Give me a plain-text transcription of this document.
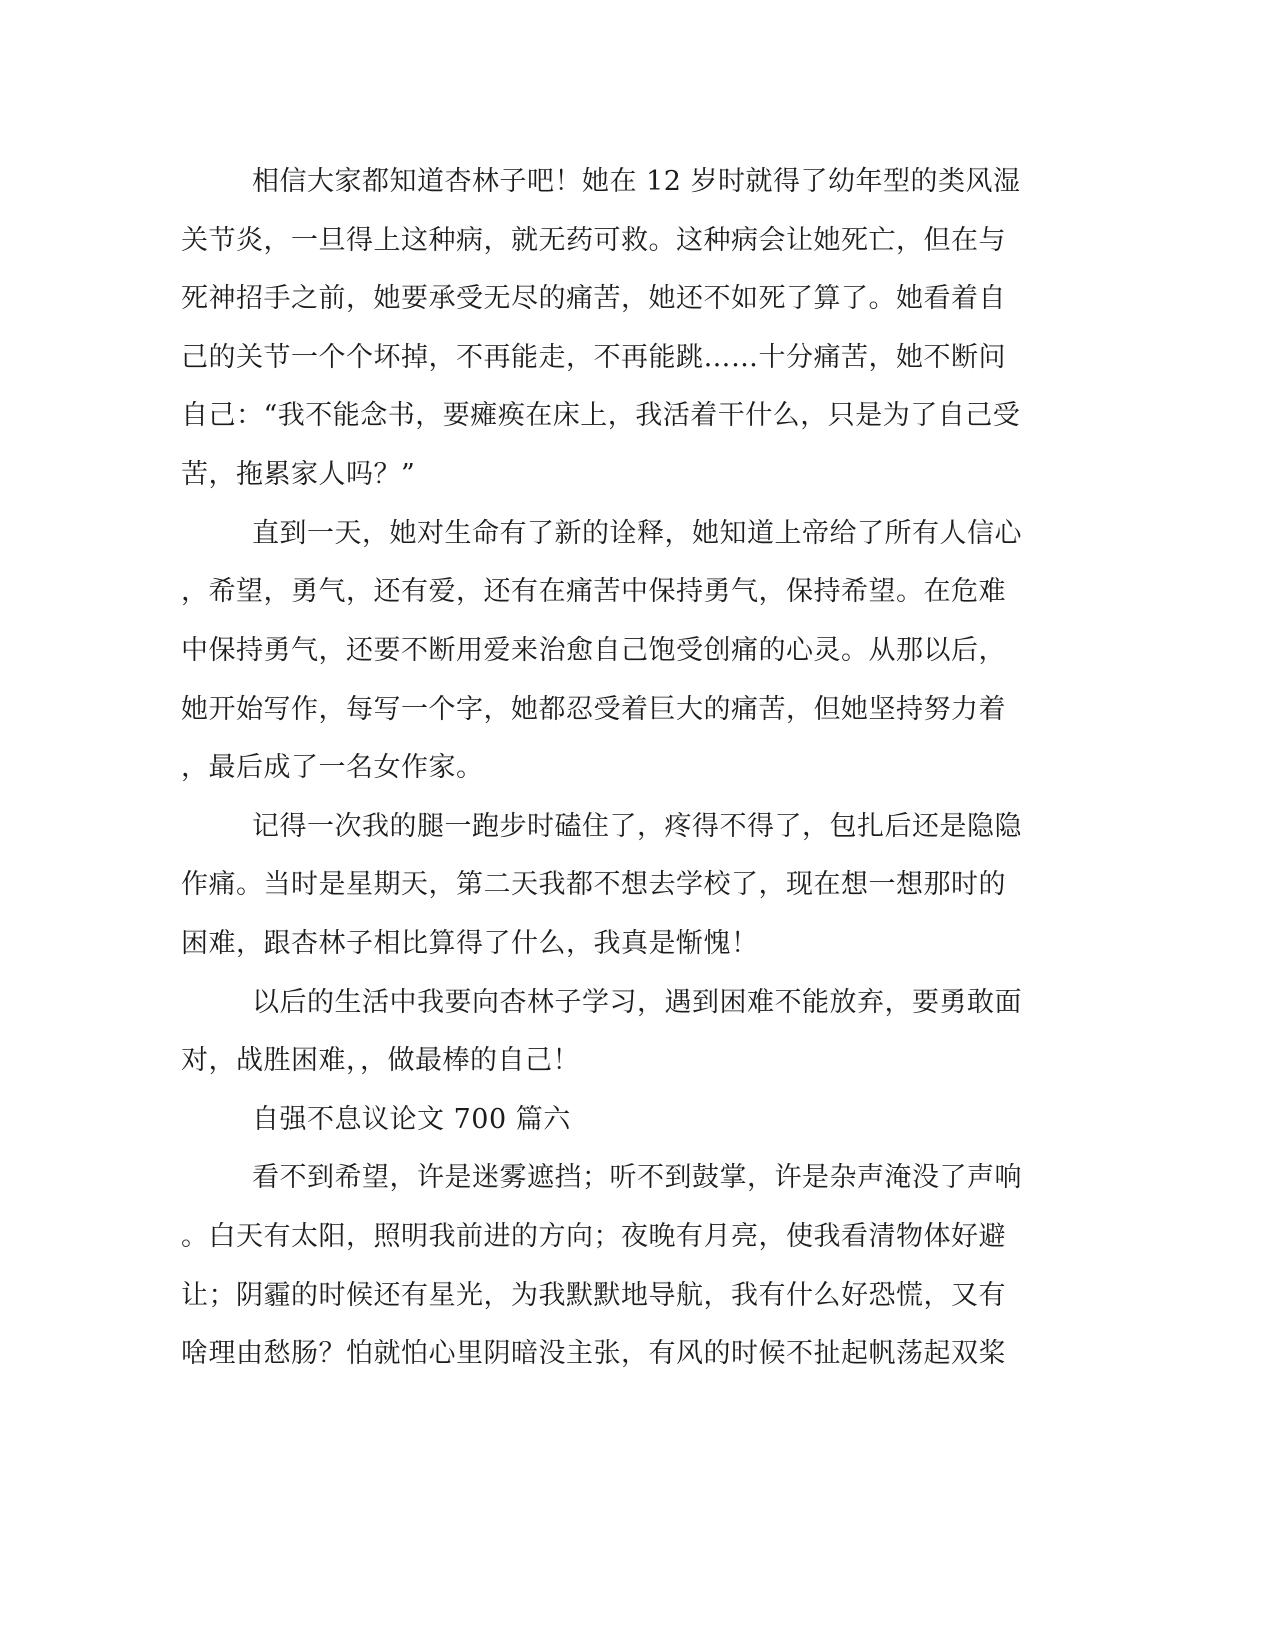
相信大家都知道杏林子吧！她在 12 岁时就得了幼年型的类风湿
关节炎，一旦得上这种病，就无药可救。这种病会让她死亡，但在与
死神招手之前，她要承受无尽的痛苦，她还不如死了算了。她看着自
己的关节一个个坏掉，不再能走，不再能跳……十分痛苦，她不断问
自己：“我不能念书，要瘫痪在床上，我活着干什么，只是为了自己受
苦，拖累家人吗？”
直到一天，她对生命有了新的诠释，她知道上帝给了所有人信心
，希望，勇气，还有爱，还有在痛苦中保持勇气，保持希望。在危难
中保持勇气，还要不断用爱来治愈自己饱受创痛的心灵。从那以后，
她开始写作，每写一个字，她都忍受着巨大的痛苦，但她坚持努力着
，最后成了一名女作家。
记得一次我的腿一跑步时磕住了，疼得不得了，包扎后还是隐隐
作痛。当时是星期天，第二天我都不想去学校了，现在想一想那时的
困难，跟杏林子相比算得了什么，我真是惭愧！
以后的生活中我要向杏林子学习，遇到困难不能放弃，要勇敢面
对，战胜困难，，做最棒的自己！
自强不息议论文 700 篇六
看不到希望，许是迷雾遮挡；听不到鼓掌，许是杂声淹没了声响
。白天有太阳，照明我前进的方向；夜晚有月亮，使我看清物体好避
让；阴霾的时候还有星光，为我默默地导航，我有什么好恐慌，又有
啥理由愁肠？怕就怕心里阴暗没主张，有风的时候不扯起帆荡起双桨
